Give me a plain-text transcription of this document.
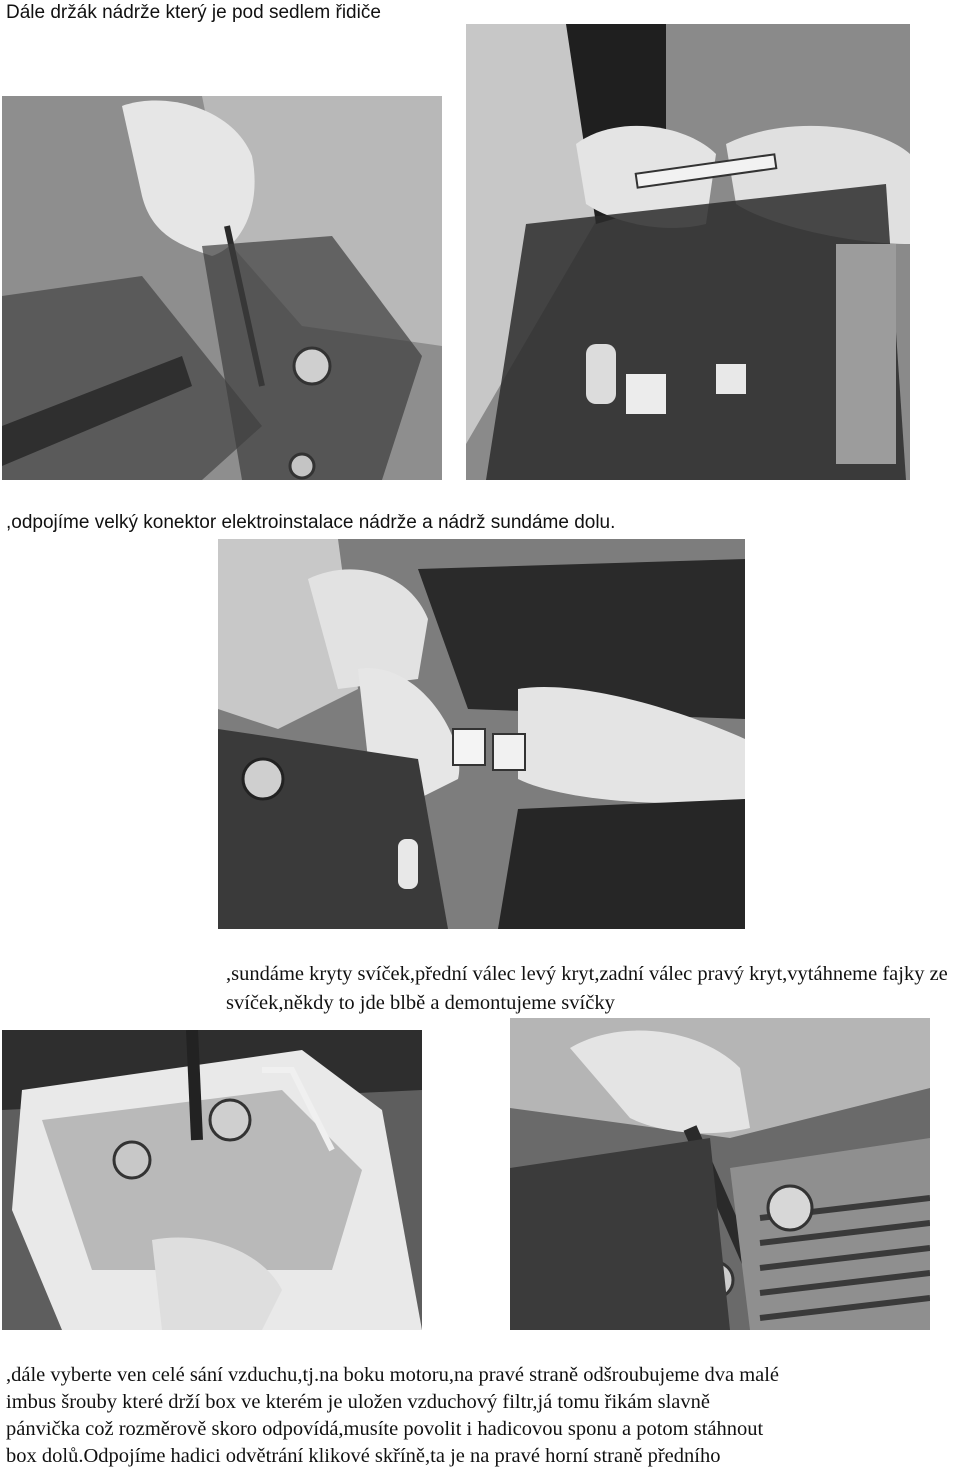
Dále držák nádrže který je pod sedlem řidiče
,odpojíme velký konektor elektroinstalace nádrže a nádrž sundáme dolu.
,sundáme kryty svíček,přední válec levý kryt,zadní válec pravý kryt,vytáhneme fajky ze
svíček,někdy to jde blbě a demontujeme svíčky
,dále vyberte ven celé sání vzduchu,tj.na boku motoru,na pravé straně odšroubujeme dva malé
imbus šrouby které drží box ve kterém je uložen vzduchový filtr,já tomu řikám slavně
pánvička což rozměrově skoro odpovídá,musíte povolit i hadicovou sponu a potom stáhnout
box dolů.Odpojíme hadici odvětrání klikové skříně,ta je na pravé horní straně předního
